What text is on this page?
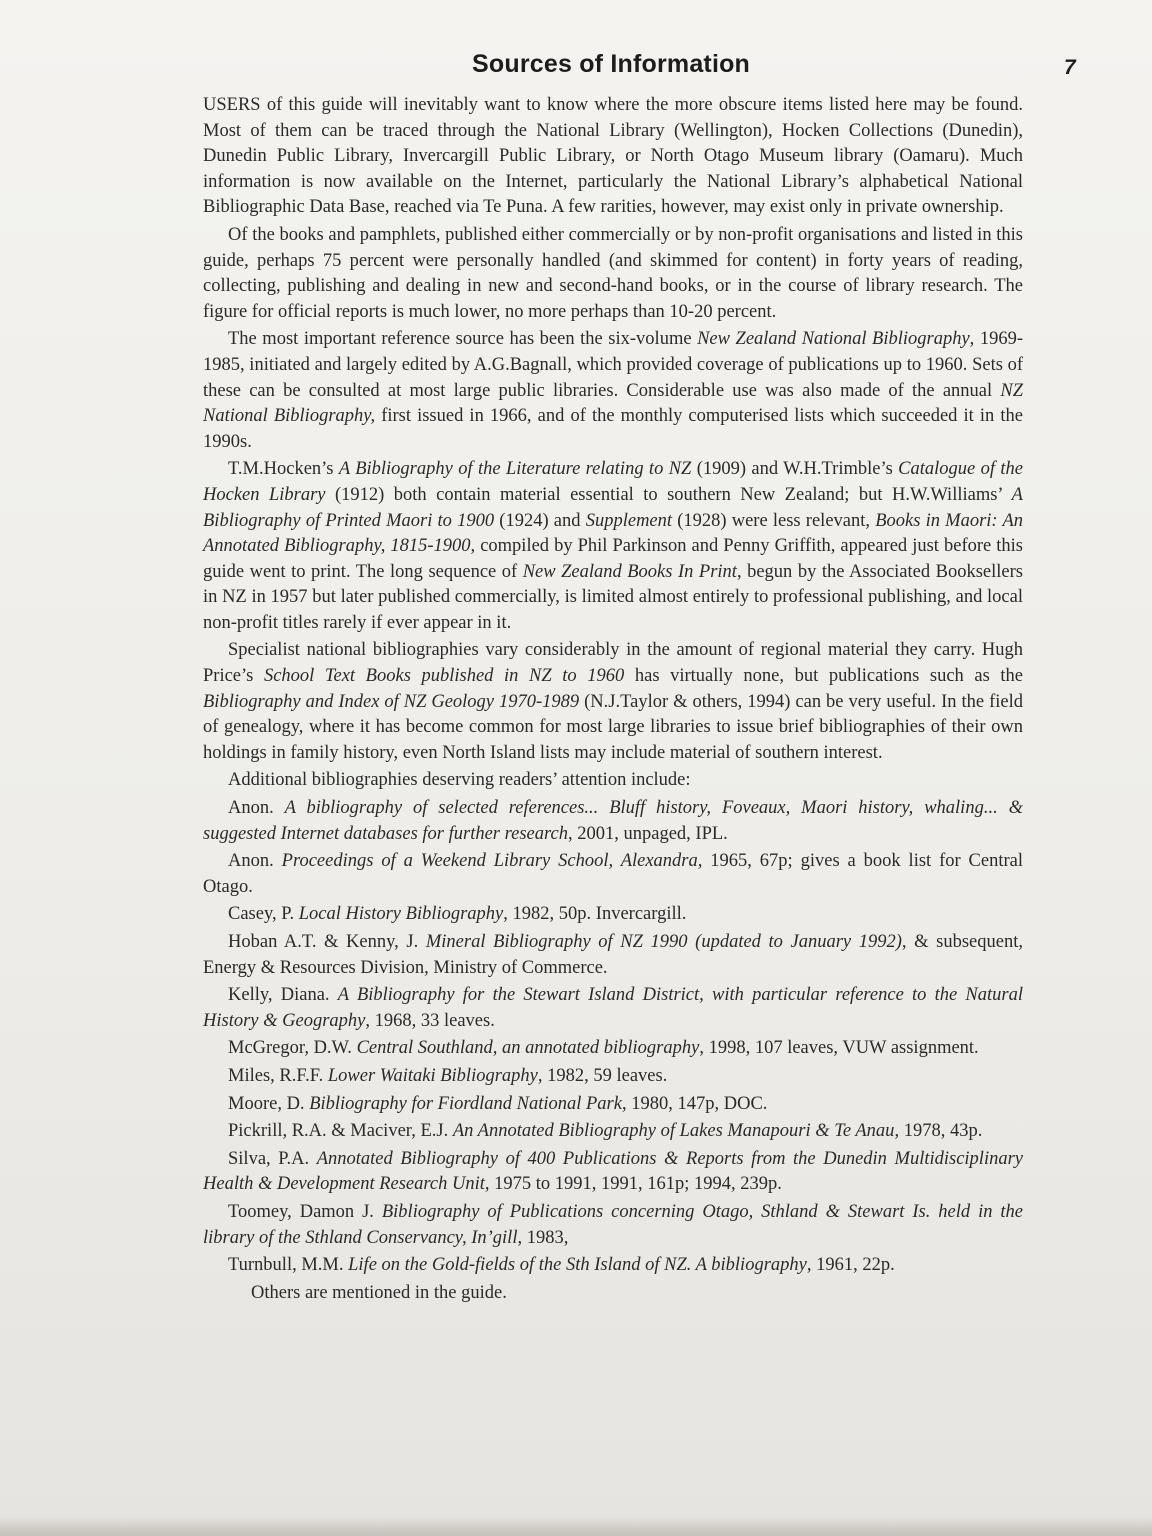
Sources of Information	7

USERS of this guide will inevitably want to know where the more obscure items listed here may be found. Most of them can be traced through the National Library (Wellington), Hocken Collections (Dunedin), Dunedin Public Library, Invercargill Public Library, or North Otago Museum library (Oamaru). Much information is now available on the Internet, particularly the National Library’s alphabetical National Bibliographic Data Base, reached via Te Puna. A few rarities, however, may exist only in private ownership.

Of the books and pamphlets, published either commercially or by non-profit organisations and listed in this guide, perhaps 75 percent were personally handled (and skimmed for content) in forty years of reading, collecting, publishing and dealing in new and second-hand books, or in the course of library research. The figure for official reports is much lower, no more perhaps than 10-20 percent.

The most important reference source has been the six-volume New Zealand National Bibliography, 1969-1985, initiated and largely edited by A.G.Bagnall, which provided coverage of publications up to 1960. Sets of these can be consulted at most large public libraries. Considerable use was also made of the annual NZ National Bibliography, first issued in 1966, and of the monthly computerised lists which succeeded it in the 1990s.

T.M.Hocken’s A Bibliography of the Literature relating to NZ (1909) and W.H.Trimble’s Catalogue of the Hocken Library (1912) both contain material essential to southern New Zealand; but H.W.Williams’ A Bibliography of Printed Maori to 1900 (1924) and Supplement (1928) were less relevant, Books in Maori: An Annotated Bibliography, 1815-1900, compiled by Phil Parkinson and Penny Griffith, appeared just before this guide went to print. The long sequence of New Zealand Books In Print, begun by the Associated Booksellers in NZ in 1957 but later published commercially, is limited almost entirely to professional publishing, and local non-profit titles rarely if ever appear in it.

Specialist national bibliographies vary considerably in the amount of regional material they carry. Hugh Price’s School Text Books published in NZ to 1960 has virtually none, but publications such as the Bibliography and Index of NZ Geology 1970-1989 (N.J.Taylor & others, 1994) can be very useful. In the field of genealogy, where it has become common for most large libraries to issue brief bibliographies of their own holdings in family history, even North Island lists may include material of southern interest.

Additional bibliographies deserving readers’ attention include:

Anon. A bibliography of selected references... Bluff history, Foveaux, Maori history, whaling... & suggested Internet databases for further research, 2001, unpaged, IPL.

Anon. Proceedings of a Weekend Library School, Alexandra, 1965, 67p; gives a book list for Central Otago.

Casey, P. Local History Bibliography, 1982, 50p. Invercargill.

Hoban A.T. & Kenny, J. Mineral Bibliography of NZ 1990 (updated to January 1992), & subsequent, Energy & Resources Division, Ministry of Commerce.

Kelly, Diana. A Bibliography for the Stewart Island District, with particular reference to the Natural History & Geography, 1968, 33 leaves.

McGregor, D.W. Central Southland, an annotated bibliography, 1998, 107 leaves, VUW assignment.

Miles, R.F.F. Lower Waitaki Bibliography, 1982, 59 leaves.

Moore, D. Bibliography for Fiordland National Park, 1980, 147p, DOC.

Pickrill, R.A. & Maciver, E.J. An Annotated Bibliography of Lakes Manapouri & Te Anau, 1978, 43p.

Silva, P.A. Annotated Bibliography of 400 Publications & Reports from the Dunedin Multidisciplinary Health & Development Research Unit, 1975 to 1991, 1991, 161p; 1994, 239p.

Toomey, Damon J. Bibliography of Publications concerning Otago, Sthland & Stewart Is. held in the library of the Sthland Conservancy, In’gill, 1983,

Turnbull, M.M. Life on the Gold-fields of the Sth Island of NZ. A bibliography, 1961, 22p.

Others are mentioned in the guide.
